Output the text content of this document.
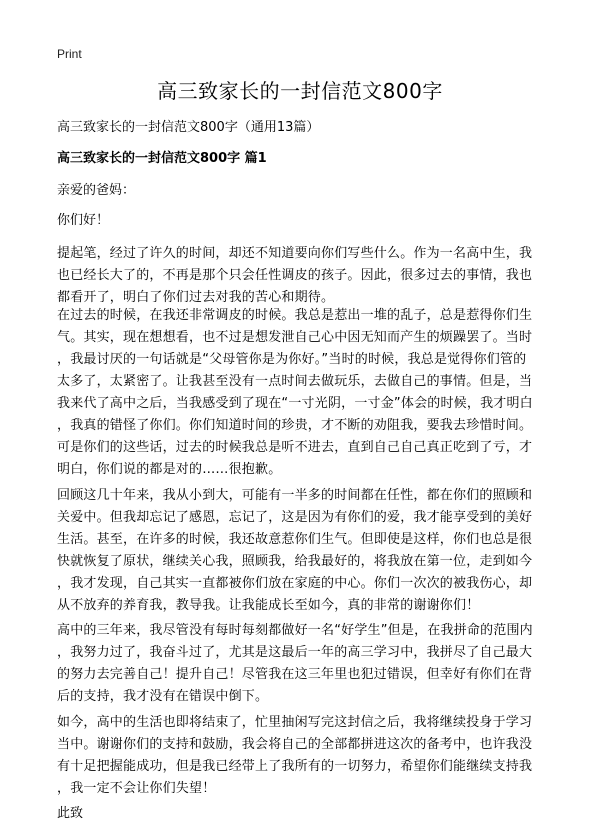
Print
高三致家长的一封信范文800字
高三致家长的一封信范文800字（通用13篇）
高三致家长的一封信范文800字 篇1
亲爱的爸妈：
你们好！
提起笔，经过了许久的时间，却还不知道要向你们写些什么。作为一名高中生，我
也已经长大了的，不再是那个只会任性调皮的孩子。因此，很多过去的事情，我也
都看开了，明白了你们过去对我的苦心和期待。
在过去的时候，在我还非常调皮的时候。我总是惹出一堆的乱子，总是惹得你们生
气。其实，现在想想看，也不过是想发泄自己心中因无知而产生的烦躁罢了。当时
，我最讨厌的一句话就是“父母管你是为你好。”当时的时候，我总是觉得你们管的
太多了，太紧密了。让我甚至没有一点时间去做玩乐，去做自己的事情。但是，当
我来代了高中之后，当我感受到了现在“一寸光阴，一寸金”体会的时候，我才明白
，我真的错怪了你们。你们知道时间的珍贵，才不断的劝阻我，要我去珍惜时间。
可是你们的这些话，过去的时候我总是听不进去，直到自己自己真正吃到了亏，才
明白，你们说的都是对的……很抱歉。
回顾这几十年来，我从小到大，可能有一半多的时间都在任性，都在你们的照顾和
关爱中。但我却忘记了感恩，忘记了，这是因为有你们的爱，我才能享受到的美好
生活。甚至，在许多的时候，我还故意惹你们生气。但即使是这样，你们也总是很
快就恢复了原状，继续关心我，照顾我，给我最好的，将我放在第一位，走到如今
，我才发现，自己其实一直都被你们放在家庭的中心。你们一次次的被我伤心，却
从不放弃的养育我，教导我。让我能成长至如今，真的非常的谢谢你们！
高中的三年来，我尽管没有每时每刻都做好一名“好学生”但是，在我拼命的范围内
，我努力过了，我奋斗过了，尤其是这最后一年的高三学习中，我拼尽了自己最大
的努力去完善自己！提升自己！尽管我在这三年里也犯过错误，但幸好有你们在背
后的支持，我才没有在错误中倒下。
如今，高中的生活也即将结束了，忙里抽闲写完这封信之后，我将继续投身于学习
当中。谢谢你们的支持和鼓励，我会将自己的全部都拼进这次的备考中，也许我没
有十足把握能成功，但是我已经带上了我所有的一切努力，希望你们能继续支持我
，我一定不会让你们失望！
此致
